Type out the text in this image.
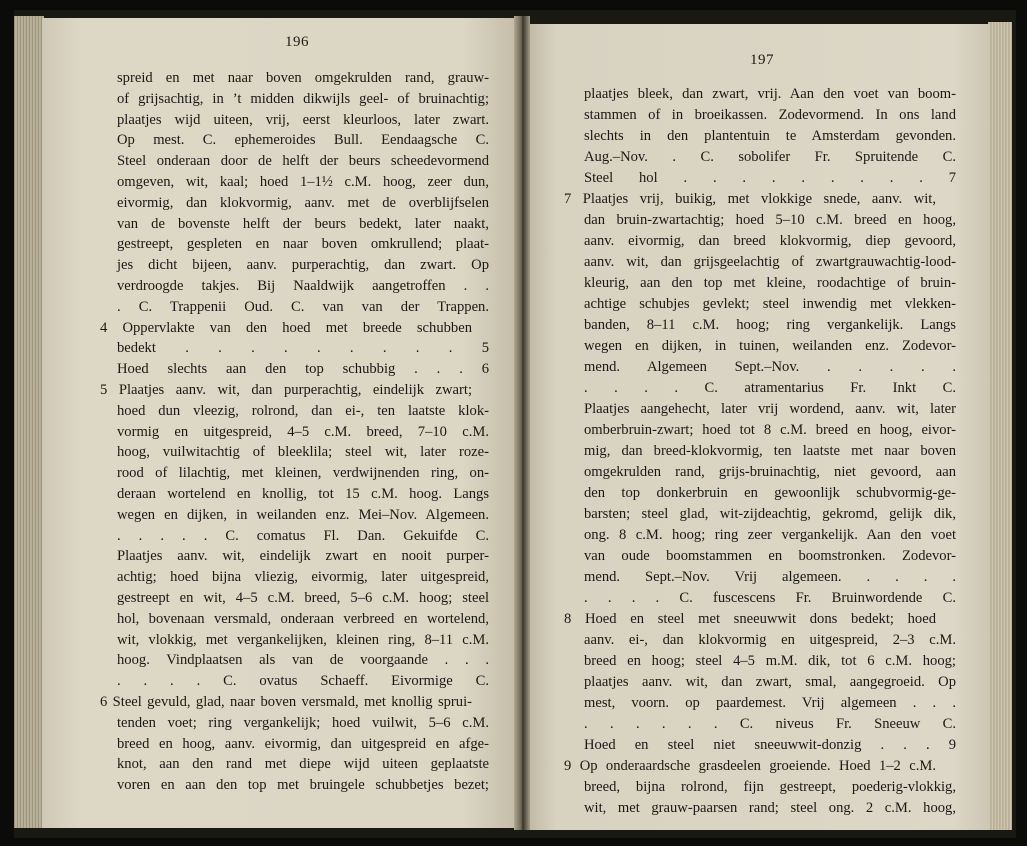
196
spreid en met naar boven omgekrulden rand, grauw-
of grijsachtig, in ’t midden dikwijls geel- of bruinachtig;
plaatjes wijd uiteen, vrij, eerst kleurloos, later zwart.
Op mest. C. ephemeroides Bull. Eendaagsche C.
Steel onderaan door de helft der beurs scheedevormend
omgeven, wit, kaal; hoed 1–1½ c.M. hoog, zeer dun,
eivormig, dan klokvormig, aanv. met de overblijfselen
van de bovenste helft der beurs bedekt, later naakt,
gestreept, gespleten en naar boven omkrullend; plaat-
jes dicht bijeen, aanv. purperachtig, dan zwart. Op
verdroogde takjes. Bij Naaldwijk aangetroffen . .
. C. Trappenii Oud. C. van van der Trappen.
4 Oppervlakte van den hoed met breede schubben
bedekt . . . . . . . . . 5
Hoed slechts aan den top schubbig . . . 6
5 Plaatjes aanv. wit, dan purperachtig, eindelijk zwart;
hoed dun vleezig, rolrond, dan ei-, ten laatste klok-
vormig en uitgespreid, 4–5 c.M. breed, 7–10 c.M.
hoog, vuilwitachtig of bleeklila; steel wit, later roze-
rood of lilachtig, met kleinen, verdwijnenden ring, on-
deraan wortelend en knollig, tot 15 c.M. hoog. Langs
wegen en dijken, in weilanden enz. Mei–Nov. Algemeen.
. . . . . C. comatus Fl. Dan. Gekuifde C.
Plaatjes aanv. wit, eindelijk zwart en nooit purper-
achtig; hoed bijna vliezig, eivormig, later uitgespreid,
gestreept en wit, 4–5 c.M. breed, 5–6 c.M. hoog; steel
hol, bovenaan versmald, onderaan verbreed en wortelend,
wit, vlokkig, met vergankelijken, kleinen ring, 8–11 c.M.
hoog. Vindplaatsen als van de voorgaande . . .
. . . . C. ovatus Schaeff. Eivormige C.
6 Steel gevuld, glad, naar boven versmald, met knollig sprui-
tenden voet; ring vergankelijk; hoed vuilwit, 5–6 c.M.
breed en hoog, aanv. eivormig, dan uitgespreid en afge-
knot, aan den rand met diepe wijd uiteen geplaatste
voren en aan den top met bruingele schubbetjes bezet;
197
plaatjes bleek, dan zwart, vrij. Aan den voet van boom-
stammen of in broeikassen. Zodevormend. In ons land
slechts in den plantentuin te Amsterdam gevonden.
Aug.–Nov. . C. sobolifer Fr. Spruitende C.
Steel hol . . . . . . . . . 7
7 Plaatjes vrij, buikig, met vlokkige snede, aanv. wit,
dan bruin-zwartachtig; hoed 5–10 c.M. breed en hoog,
aanv. eivormig, dan breed klokvormig, diep gevoord,
aanv. wit, dan grijsgeelachtig of zwartgrauwachtig-lood-
kleurig, aan den top met kleine, roodachtige of bruin-
achtige schubjes gevlekt; steel inwendig met vlekken-
banden, 8–11 c.M. hoog; ring vergankelijk. Langs
wegen en dijken, in tuinen, weilanden enz. Zodevor-
mend. Algemeen Sept.–Nov. . . . . .
. . . . C. atramentarius Fr. Inkt C.
Plaatjes aangehecht, later vrij wordend, aanv. wit, later
omberbruin-zwart; hoed tot 8 c.M. breed en hoog, eivor-
mig, dan breed-klokvormig, ten laatste met naar boven
omgekrulden rand, grijs-bruinachtig, niet gevoord, aan
den top donkerbruin en gewoonlijk schubvormig-ge-
barsten; steel glad, wit-zijdeachtig, gekromd, gelijk dik,
ong. 8 c.M. hoog; ring zeer vergankelijk. Aan den voet
van oude boomstammen en boomstronken. Zodevor-
mend. Sept.–Nov. Vrij algemeen. . . . .
. . . . C. fuscescens Fr. Bruinwordende C.
8 Hoed en steel met sneeuwwit dons bedekt; hoed
aanv. ei-, dan klokvormig en uitgespreid, 2–3 c.M.
breed en hoog; steel 4–5 m.M. dik, tot 6 c.M. hoog;
plaatjes aanv. wit, dan zwart, smal, aangegroeid. Op
mest, voorn. op paardemest. Vrij algemeen . . .
. . . . . . C. niveus Fr. Sneeuw C.
Hoed en steel niet sneeuwwit-donzig . . . 9
9 Op onderaardsche grasdeelen groeiende. Hoed 1–2 c.M.
breed, bijna rolrond, fijn gestreept, poederig-vlokkig,
wit, met grauw-paarsen rand; steel ong. 2 c.M. hoog,
